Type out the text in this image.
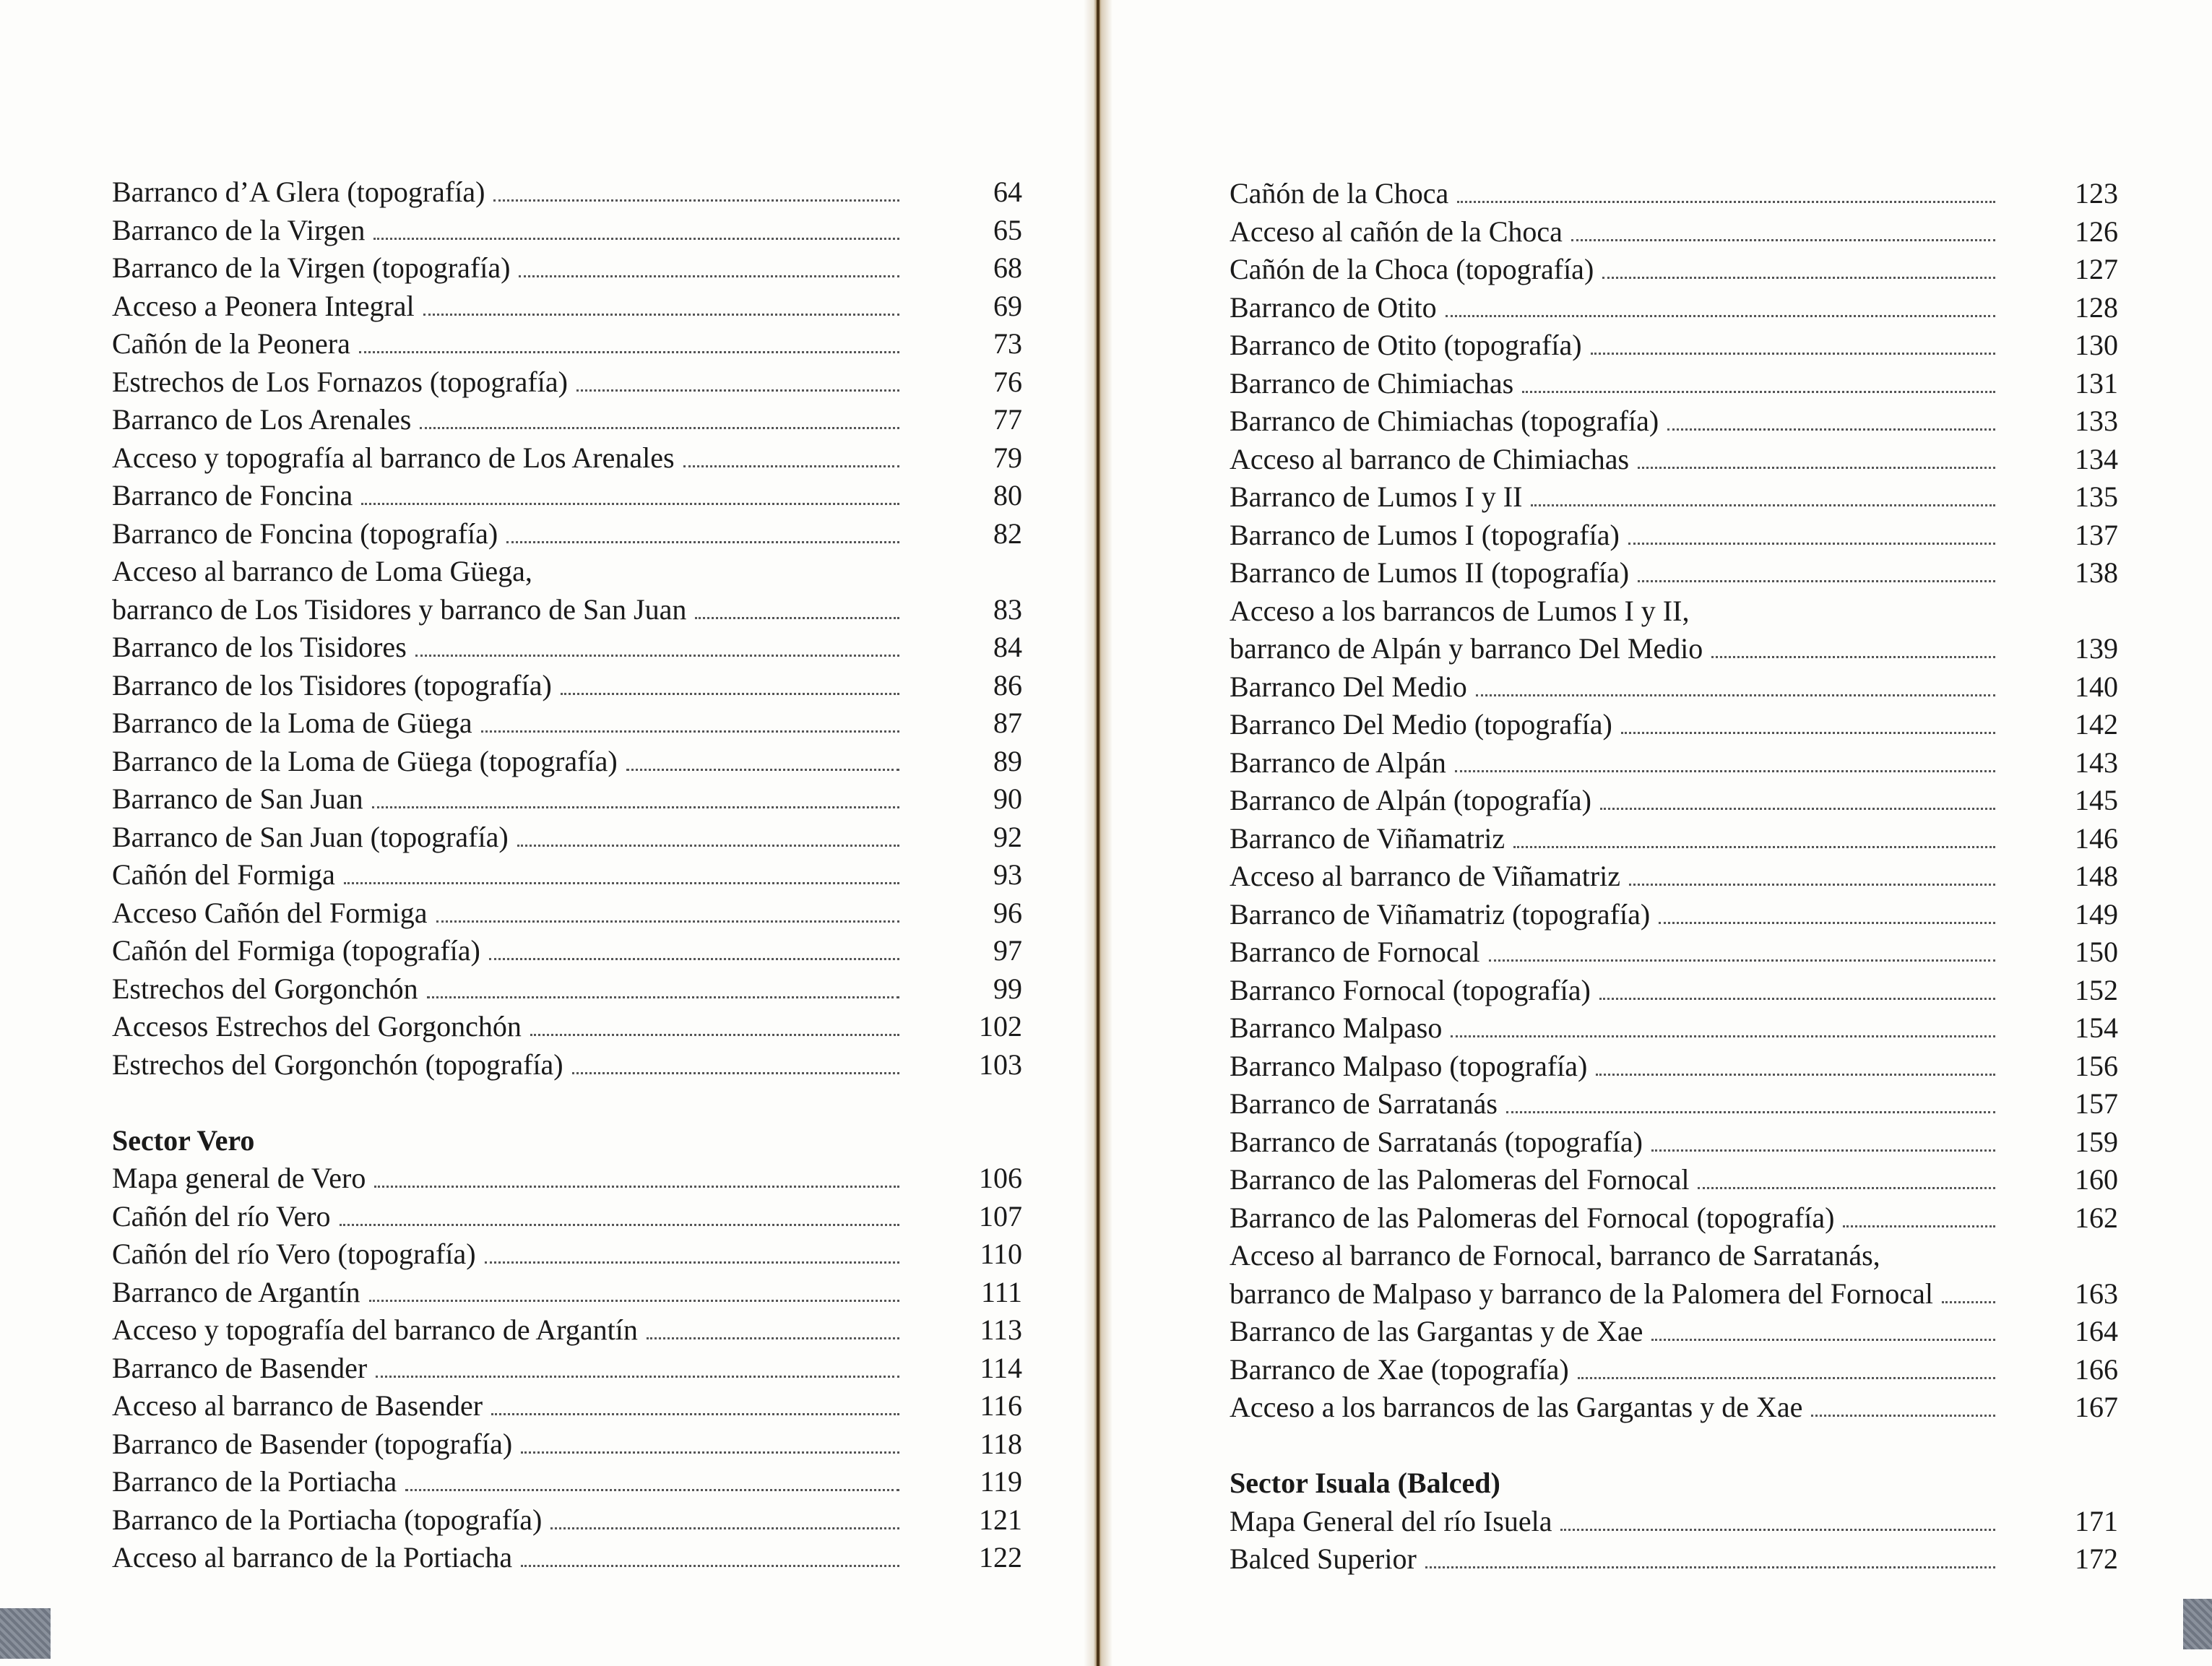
Barranco d’A Glera (topografía)	64
Barranco de la Virgen	65
Barranco de la Virgen (topografía)	68
Acceso a Peonera Integral	69
Cañón de la Peonera	73
Estrechos de Los Fornazos (topografía)	76
Barranco de Los Arenales	77
Acceso y topografía al barranco de Los Arenales	79
Barranco de Foncina	80
Barranco de Foncina (topografía)	82
Acceso al barranco de Loma Güega,
barranco de Los Tisidores y barranco de San Juan	83
Barranco de los Tisidores	84
Barranco de los Tisidores (topografía)	86
Barranco de la Loma de Güega	87
Barranco de la Loma de Güega (topografía)	89
Barranco de San Juan	90
Barranco de San Juan (topografía)	92
Cañón del Formiga	93
Acceso Cañón del Formiga	96
Cañón del Formiga (topografía)	97
Estrechos del Gorgonchón	99
Accesos Estrechos del Gorgonchón	102
Estrechos del Gorgonchón (topografía)	103
Sector Vero
Mapa general de Vero	106
Cañón del río Vero	107
Cañón del río Vero (topografía)	110
Barranco de Argantín	111
Acceso y topografía del barranco de Argantín	113
Barranco de Basender	114
Acceso al barranco de Basender	116
Barranco de Basender (topografía)	118
Barranco de la Portiacha	119
Barranco de la Portiacha (topografía)	121
Acceso al barranco de la Portiacha	122
Cañón de la Choca	123
Acceso al cañón de la Choca	126
Cañón de la Choca (topografía)	127
Barranco de Otito	128
Barranco de Otito (topografía)	130
Barranco de Chimiachas	131
Barranco de Chimiachas (topografía)	133
Acceso al barranco de Chimiachas	134
Barranco de Lumos I y II	135
Barranco de Lumos I (topografía)	137
Barranco de Lumos II (topografía)	138
Acceso a los barrancos de Lumos I y II,
barranco de Alpán y barranco Del Medio	139
Barranco Del Medio	140
Barranco Del Medio (topografía)	142
Barranco de Alpán	143
Barranco de Alpán (topografía)	145
Barranco de Viñamatriz	146
Acceso al barranco de Viñamatriz	148
Barranco de Viñamatriz (topografía)	149
Barranco de Fornocal	150
Barranco Fornocal (topografía)	152
Barranco Malpaso	154
Barranco Malpaso (topografía)	156
Barranco de Sarratanás	157
Barranco de Sarratanás (topografía)	159
Barranco de las Palomeras del Fornocal	160
Barranco de las Palomeras del Fornocal (topografía)	162
Acceso al barranco de Fornocal, barranco de Sarratanás,
barranco de Malpaso y barranco de la Palomera del Fornocal	163
Barranco de las Gargantas y de Xae	164
Barranco de Xae (topografía)	166
Acceso a los barrancos de las Gargantas y de Xae	167
Sector Isuala (Balced)
Mapa General del río Isuela	171
Balced Superior	172
